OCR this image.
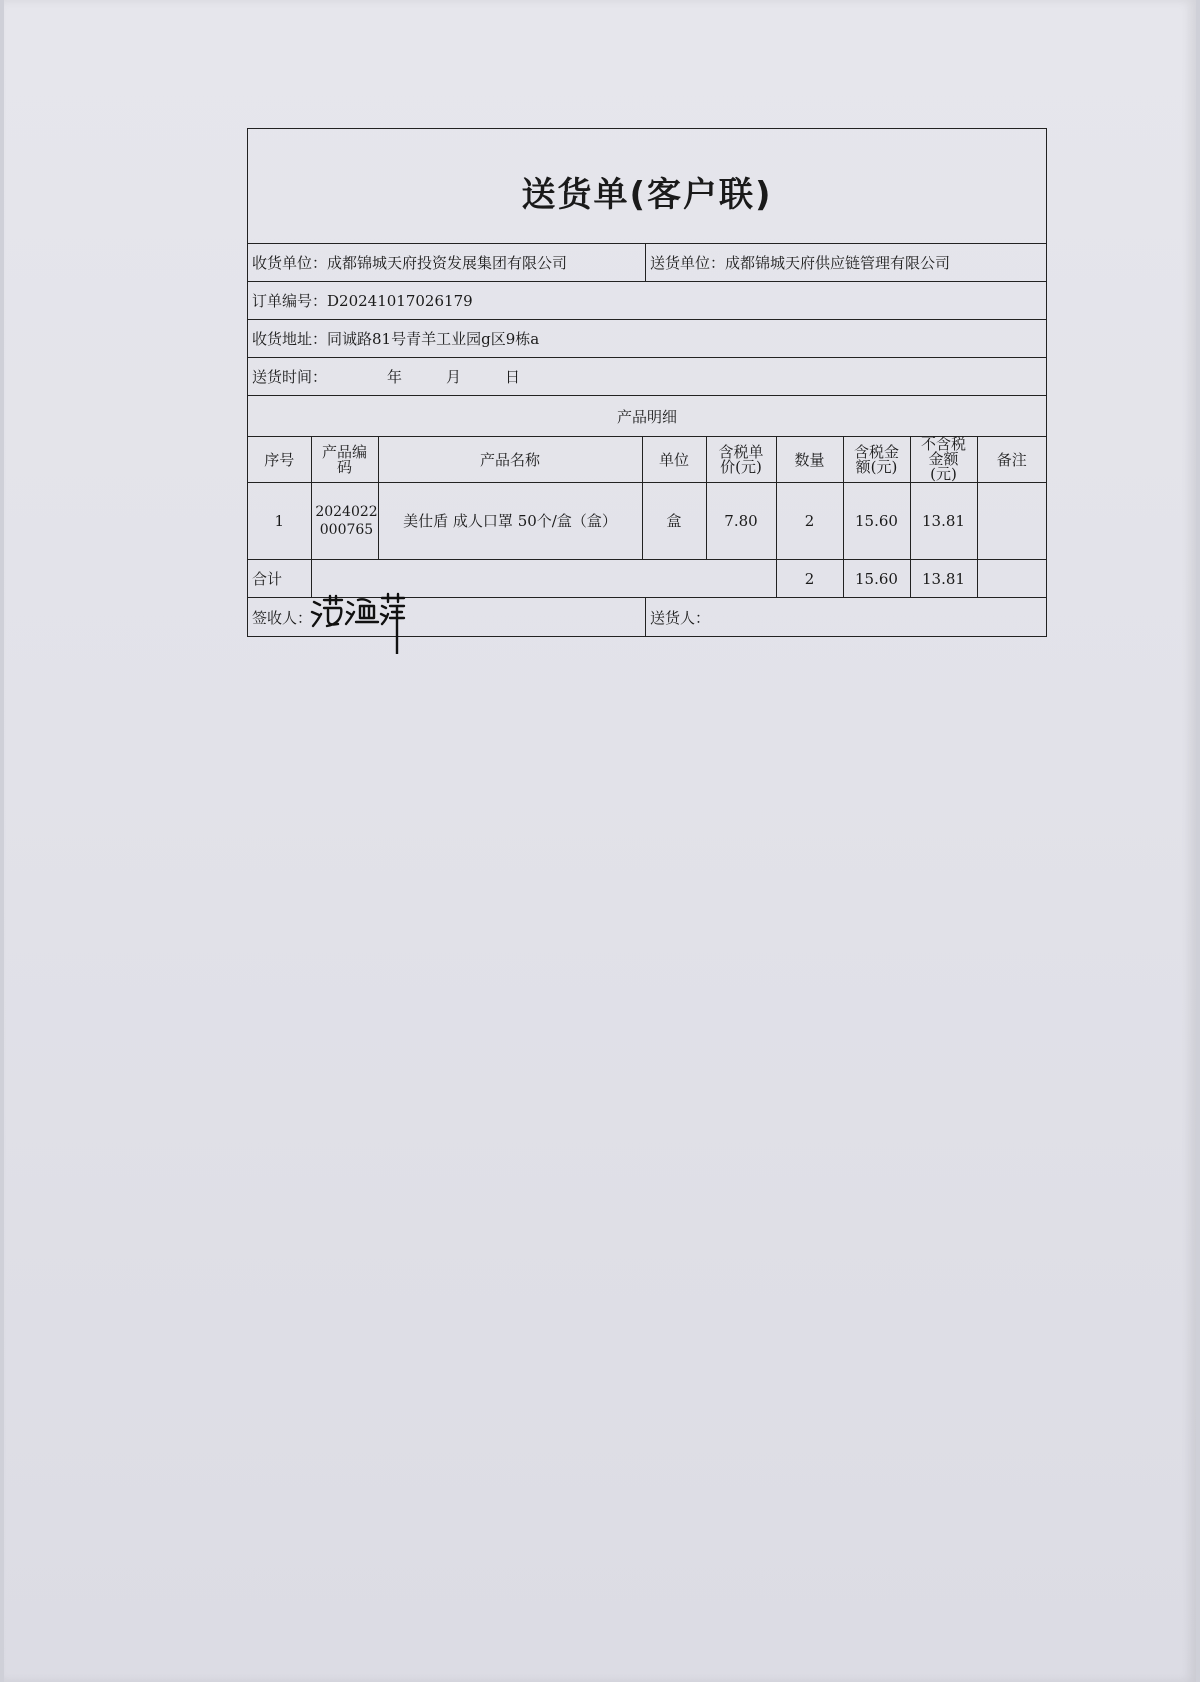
送货单(客户联)
收货单位： 成都锦城天府投资发展集团有限公司	送货单位： 成都锦城天府供应链管理有限公司
订单编号： D20241017026179
收货地址： 同诚路81号青羊工业园g区9栋a
送货时间：	年	月	日
产品明细
序号	产品编码	产品名称	单位	含税单价(元)	数量	含税金额(元)	不含税金额(元)	备注
1	2024022000765	美仕盾 成人口罩 50个/盒（盒）	盒	7.80	2	15.60	13.81	
合计					2	15.60	13.81	
签收人：	送货人：
